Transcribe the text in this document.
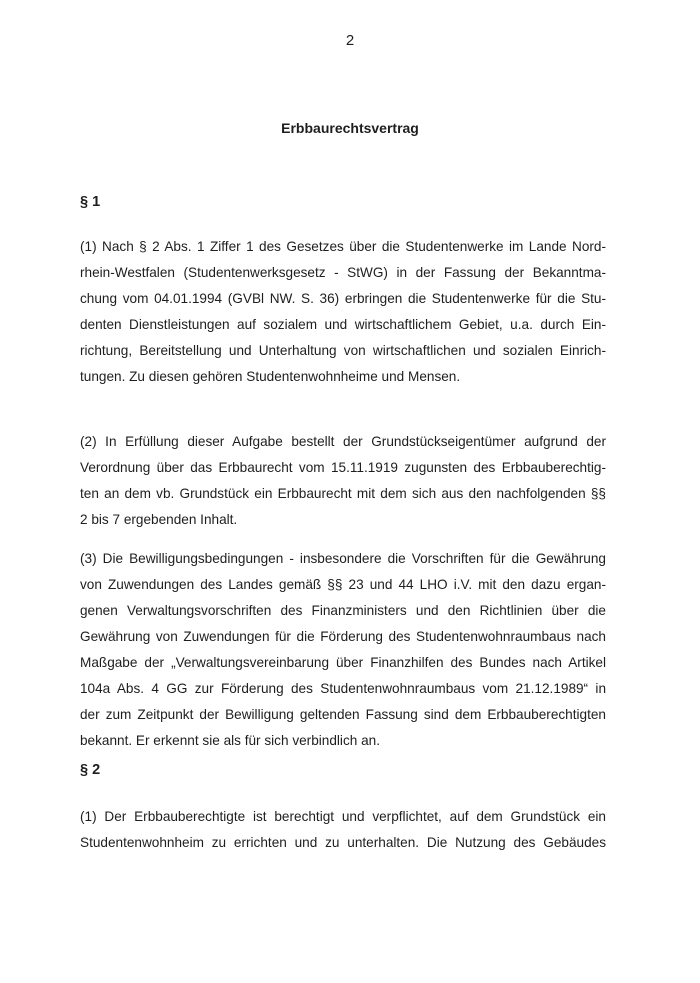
2
Erbbaurechtsvertrag
§ 1

(1) Nach § 2 Abs. 1 Ziffer 1 des Gesetzes über die Studentenwerke im Lande Nord-
rhein-Westfalen (Studentenwerksgesetz - StWG) in der Fassung der Bekanntma-
chung vom 04.01.1994 (GVBl NW. S. 36) erbringen die Studentenwerke für die Stu-
denten Dienstleistungen auf sozialem und wirtschaftlichem Gebiet, u.a. durch Ein-
richtung, Bereitstellung und Unterhaltung von wirtschaftlichen und sozialen Einrich-
tungen. Zu diesen gehören Studentenwohnheime und Mensen.

(2) In Erfüllung dieser Aufgabe bestellt der Grundstückseigentümer aufgrund der
Verordnung über das Erbbaurecht vom 15.11.1919 zugunsten des Erbbauberechtig-
ten an dem vb. Grundstück ein Erbbaurecht mit dem sich aus den nachfolgenden §§
2 bis 7 ergebenden Inhalt.

(3) Die Bewilligungsbedingungen - insbesondere die Vorschriften für die Gewährung
von Zuwendungen des Landes gemäß §§ 23 und 44 LHO i.V. mit den dazu ergan-
genen Verwaltungsvorschriften des Finanzministers und den Richtlinien über die
Gewährung von Zuwendungen für die Förderung des Studentenwohnraumbaus nach
Maßgabe der „Verwaltungsvereinbarung über Finanzhilfen des Bundes nach Artikel
104a Abs. 4 GG zur Förderung des Studentenwohnraumbaus vom 21.12.1989“ in
der zum Zeitpunkt der Bewilligung geltenden Fassung sind dem Erbbauberechtigten
bekannt. Er erkennt sie als für sich verbindlich an.

§ 2

(1) Der Erbbauberechtigte ist berechtigt und verpflichtet, auf dem Grundstück ein
Studentenwohnheim zu errichten und zu unterhalten. Die Nutzung des Gebäudes
